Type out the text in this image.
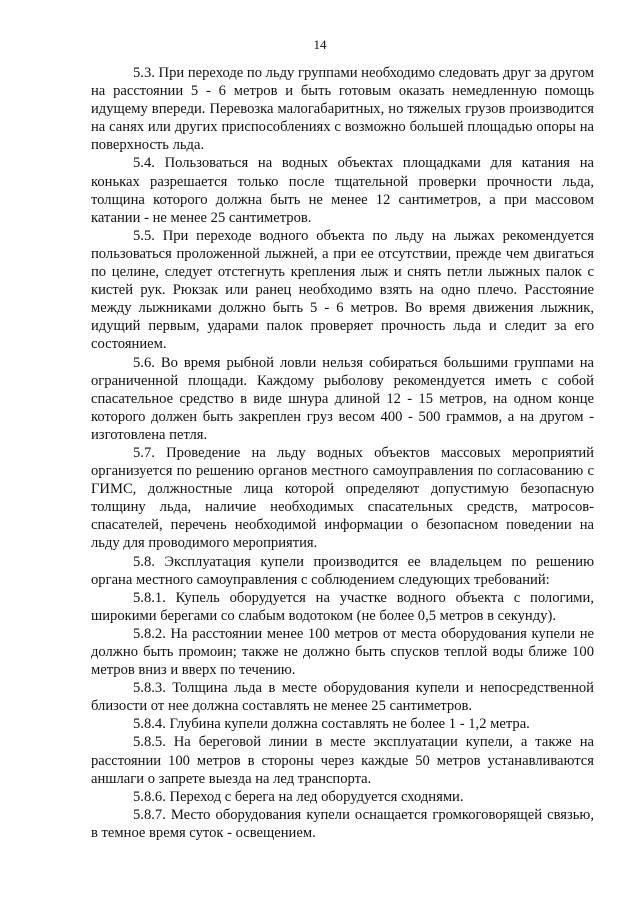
14

5.3. При переходе по льду группами необходимо следовать друг за другом на расстоянии 5 - 6 метров и быть готовым оказать немедленную помощь идущему впереди. Перевозка малогабаритных, но тяжелых грузов производится на санях или других приспособлениях с возможно большей площадью опоры на поверхность льда.

5.4. Пользоваться на водных объектах площадками для катания на коньках разрешается только после тщательной проверки прочности льда, толщина которого должна быть не менее 12 сантиметров, а при массовом катании - не менее 25 сантиметров.

5.5. При переходе водного объекта по льду на лыжах рекомендуется пользоваться проложенной лыжней, а при ее отсутствии, прежде чем двигаться по целине, следует отстегнуть крепления лыж и снять петли лыжных палок с кистей рук. Рюкзак или ранец необходимо взять на одно плечо. Расстояние между лыжниками должно быть 5 - 6 метров. Во время движения лыжник, идущий первым, ударами палок проверяет прочность льда и следит за его состоянием.

5.6. Во время рыбной ловли нельзя собираться большими группами на ограниченной площади. Каждому рыболову рекомендуется иметь с собой спасательное средство в виде шнура длиной 12 - 15 метров, на одном конце которого должен быть закреплен груз весом 400 - 500 граммов, а на другом - изготовлена петля.

5.7. Проведение на льду водных объектов массовых мероприятий организуется по решению органов местного самоуправления по согласованию с ГИМС, должностные лица которой определяют допустимую безопасную толщину льда, наличие необходимых спасательных средств, матросов-спасателей, перечень необходимой информации о безопасном поведении на льду для проводимого мероприятия.

5.8. Эксплуатация купели производится ее владельцем по решению органа местного самоуправления с соблюдением следующих требований:

5.8.1. Купель оборудуется на участке водного объекта с пологими, широкими берегами со слабым водотоком (не более 0,5 метров в секунду).

5.8.2. На расстоянии менее 100 метров от места оборудования купели не должно быть промоин; также не должно быть спусков теплой воды ближе 100 метров вниз и вверх по течению.

5.8.3. Толщина льда в месте оборудования купели и непосредственной близости от нее должна составлять не менее 25 сантиметров.

5.8.4. Глубина купели должна составлять не более 1 - 1,2 метра.

5.8.5. На береговой линии в месте эксплуатации купели, а также на расстоянии 100 метров в стороны через каждые 50 метров устанавливаются аншлаги о запрете выезда на лед транспорта.

5.8.6. Переход с берега на лед оборудуется сходнями.

5.8.7. Место оборудования купели оснащается громкоговорящей связью, в темное время суток - освещением.
